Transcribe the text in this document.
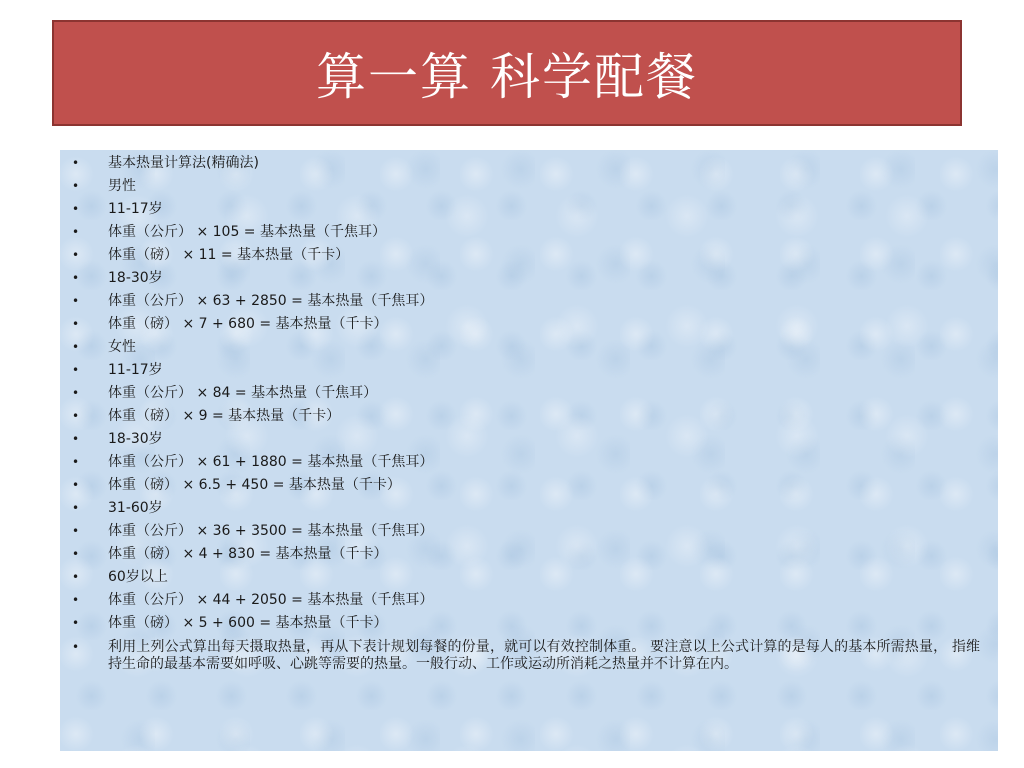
算一算 科学配餐
•	基本热量计算法(精确法)
•	男性
•	11-17岁
•	体重（公斤） × 105 = 基本热量（千焦耳）
•	体重（磅） × 11 = 基本热量（千卡）
•	18-30岁
•	体重（公斤） × 63 + 2850 = 基本热量（千焦耳）
•	体重（磅） × 7 + 680 = 基本热量（千卡）
•	女性
•	11-17岁
•	体重（公斤） × 84 = 基本热量（千焦耳）
•	体重（磅） × 9 = 基本热量（千卡）
•	18-30岁
•	体重（公斤） × 61 + 1880 = 基本热量（千焦耳）
•	体重（磅） × 6.5 + 450 = 基本热量（千卡）
•	31-60岁
•	体重（公斤） × 36 + 3500 = 基本热量（千焦耳）
•	体重（磅） × 4 + 830 = 基本热量（千卡）
•	60岁以上
•	体重（公斤） × 44 + 2050 = 基本热量（千焦耳）
•	体重（磅） × 5 + 600 = 基本热量（千卡）
•	利用上列公式算出每天摄取热量，再从下表计规划每餐的份量，就可以有效控制体重。 要注意以上公式计算的是每人的基本所需热量， 指维持生命的最基本需要如呼吸、心跳等需要的热量。一般行动、工作或运动所消耗之热量并不计算在内。
